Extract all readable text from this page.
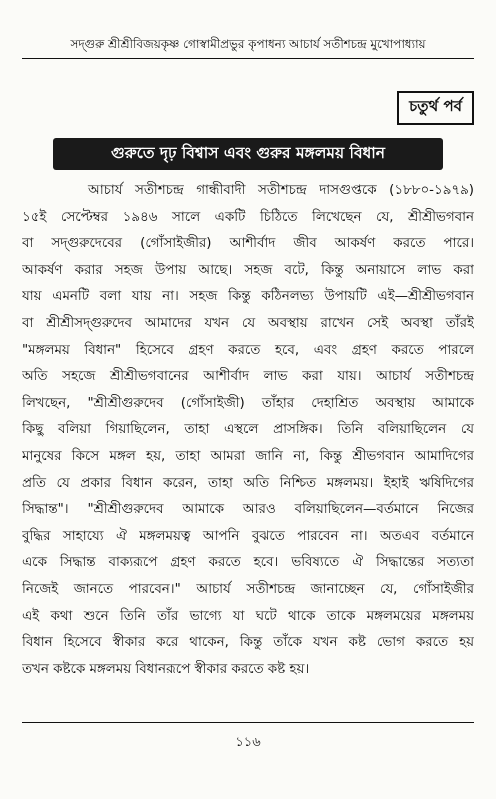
সদ্গুরু শ্রীশ্রীবিজয়কৃষ্ণ গোস্বামীপ্রভুর কৃপাধন্য আচার্য সতীশচন্দ্র মুখোপাধ্যায়
চতুর্থ পর্ব
গুরুতে দৃঢ় বিশ্বাস এবং গুরুর মঙ্গলময় বিধান
আচার্য সতীশচন্দ্র গান্ধীবাদী সতীশচন্দ্র দাসগুপ্তকে (১৮৮০-১৯৭৯)
১৫ই সেপ্টেম্বর ১৯৪৬ সালে একটি চিঠিতে লিখেছেন যে, শ্রীশ্রীভগবান
বা সদ্গুরুদেবের (গোঁসাইজীর) আশীর্বাদ জীব আকর্ষণ করতে পারে।
আকর্ষণ করার সহজ উপায় আছে। সহজ বটে, কিন্তু অনায়াসে লাভ করা
যায় এমনটি বলা যায় না। সহজ কিন্তু কঠিনলভ্য উপায়টি এই—শ্রীশ্রীভগবান
বা শ্রীশ্রীসদ্গুরুদেব আমাদের যখন যে অবস্থায় রাখেন সেই অবস্থা তাঁরই
"মঙ্গলময় বিধান" হিসেবে গ্রহণ করতে হবে, এবং গ্রহণ করতে পারলে
অতি সহজে শ্রীশ্রীভগবানের আশীর্বাদ লাভ করা যায়। আচার্য সতীশচন্দ্র
লিখছেন, "শ্রীশ্রীগুরুদেব (গোঁসাইজী) তাঁহার দেহাশ্রিত অবস্থায় আমাকে
কিছু বলিয়া গিয়াছিলেন, তাহা এস্থলে প্রাসঙ্গিক। তিনি বলিয়াছিলেন যে
মানুষের কিসে মঙ্গল হয়, তাহা আমরা জানি না, কিন্তু শ্রীভগবান আমাদিগের
প্রতি যে প্রকার বিধান করেন, তাহা অতি নিশ্চিত মঙ্গলময়। ইহাই ঋষিদিগের
সিদ্ধান্ত"। "শ্রীশ্রীগুরুদেব আমাকে আরও বলিয়াছিলেন—বর্তমানে নিজের
বুদ্ধির সাহায্যে ঐ মঙ্গলময়ত্ব আপনি বুঝতে পারবেন না। অতএব বর্তমানে
একে সিদ্ধান্ত বাক্যরূপে গ্রহণ করতে হবে। ভবিষ্যতে ঐ সিদ্ধান্তের সত্যতা
নিজেই জানতে পারবেন।" আচার্য সতীশচন্দ্র জানাচ্ছেন যে, গোঁসাইজীর
এই কথা শুনে তিনি তাঁর ভাগ্যে যা ঘটে থাকে তাকে মঙ্গলময়ের মঙ্গলময়
বিধান হিসেবে স্বীকার করে থাকেন, কিন্তু তাঁকে যখন কষ্ট ভোগ করতে হয়
তখন কষ্টকে মঙ্গলময় বিধানরূপে স্বীকার করতে কষ্ট হয়।
১১৬
